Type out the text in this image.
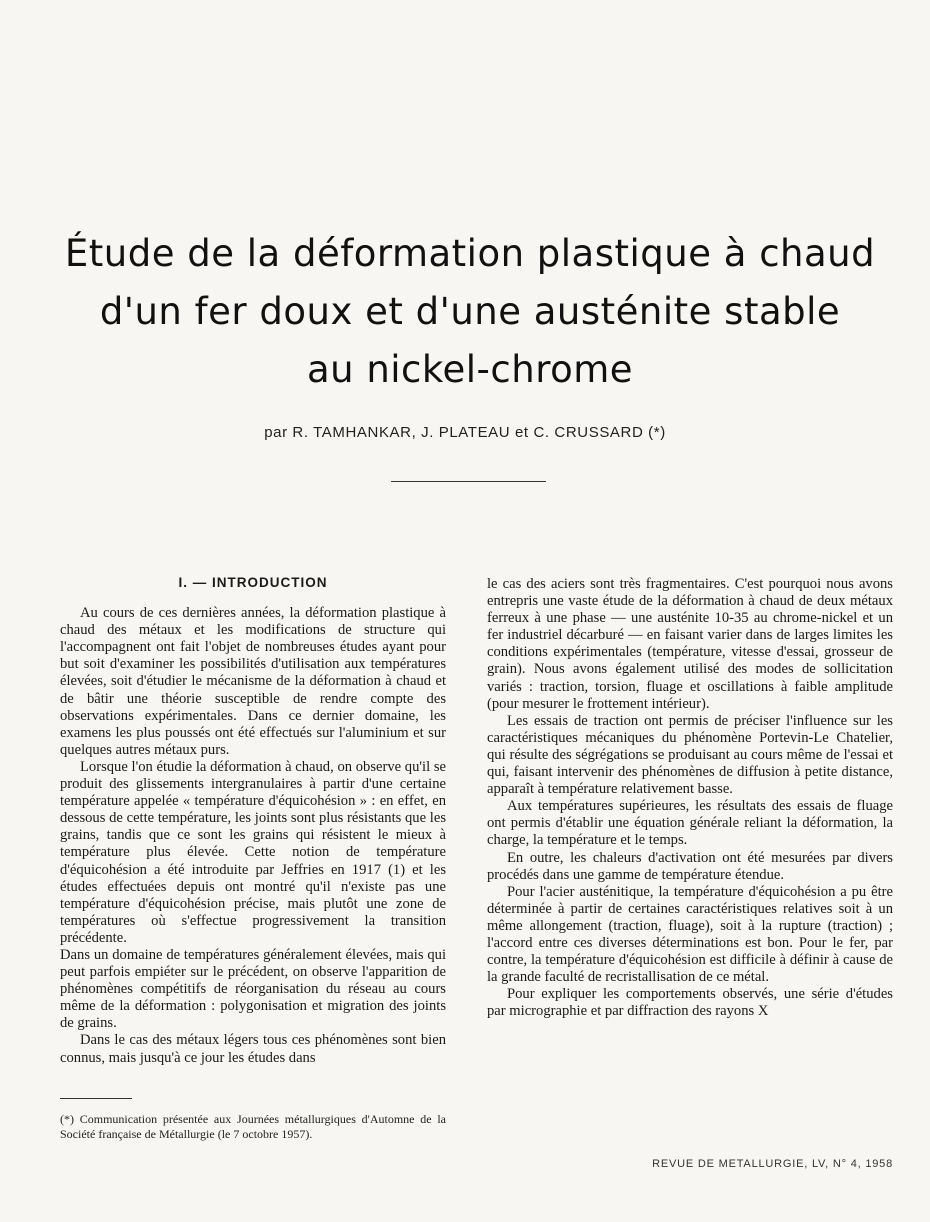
Étude de la déformation plastique à chaud
d'un fer doux et d'une austénite stable
au nickel-chrome
par R. TAMHANKAR, J. PLATEAU et C. CRUSSARD (*)
I. — INTRODUCTION

Au cours de ces dernières années, la déformation plastique à chaud des métaux et les modifications de structure qui l'accompagnent ont fait l'objet de nombreuses études ayant pour but soit d'examiner les possibilités d'utilisation aux températures élevées, soit d'étudier le mécanisme de la déformation à chaud et de bâtir une théorie susceptible de rendre compte des observations expérimentales. Dans ce dernier domaine, les examens les plus poussés ont été effectués sur l'aluminium et sur quelques autres métaux purs.

Lorsque l'on étudie la déformation à chaud, on observe qu'il se produit des glissements intergranulaires à partir d'une certaine température appelée « température d'équicohésion » : en effet, en dessous de cette température, les joints sont plus résistants que les grains, tandis que ce sont les grains qui résistent le mieux à température plus élevée. Cette notion de température d'équicohésion a été introduite par Jeffries en 1917 (1) et les études effectuées depuis ont montré qu'il n'existe pas une température d'équicohésion précise, mais plutôt une zone de températures où s'effectue progressivement la transition précédente.

Dans un domaine de températures généralement élevées, mais qui peut parfois empiéter sur le précédent, on observe l'apparition de phénomènes compétitifs de réorganisation du réseau au cours même de la déformation : polygonisation et migration des joints de grains.

Dans le cas des métaux légers tous ces phénomènes sont bien connus, mais jusqu'à ce jour les études dans

(*) Communication présentée aux Journées métallurgiques d'Automne de la Société française de Métallurgie (le 7 octobre 1957).

le cas des aciers sont très fragmentaires. C'est pourquoi nous avons entrepris une vaste étude de la déformation à chaud de deux métaux ferreux à une phase — une austénite 10-35 au chrome-nickel et un fer industriel décarburé — en faisant varier dans de larges limites les conditions expérimentales (température, vitesse d'essai, grosseur de grain). Nous avons également utilisé des modes de sollicitation variés : traction, torsion, fluage et oscillations à faible amplitude (pour mesurer le frottement intérieur).

Les essais de traction ont permis de préciser l'influence sur les caractéristiques mécaniques du phénomène Portevin-Le Chatelier, qui résulte des ségrégations se produisant au cours même de l'essai et qui, faisant intervenir des phénomènes de diffusion à petite distance, apparaît à température relativement basse.

Aux températures supérieures, les résultats des essais de fluage ont permis d'établir une équation générale reliant la déformation, la charge, la température et le temps.

En outre, les chaleurs d'activation ont été mesurées par divers procédés dans une gamme de température étendue.

Pour l'acier austénitique, la température d'équicohésion a pu être déterminée à partir de certaines caractéristiques relatives soit à un même allongement (traction, fluage), soit à la rupture (traction) ; l'accord entre ces diverses déterminations est bon. Pour le fer, par contre, la température d'équicohésion est difficile à définir à cause de la grande faculté de recristallisation de ce métal.

Pour expliquer les comportements observés, une série d'études par micrographie et par diffraction des rayons X

REVUE DE METALLURGIE, LV, N° 4, 1958
